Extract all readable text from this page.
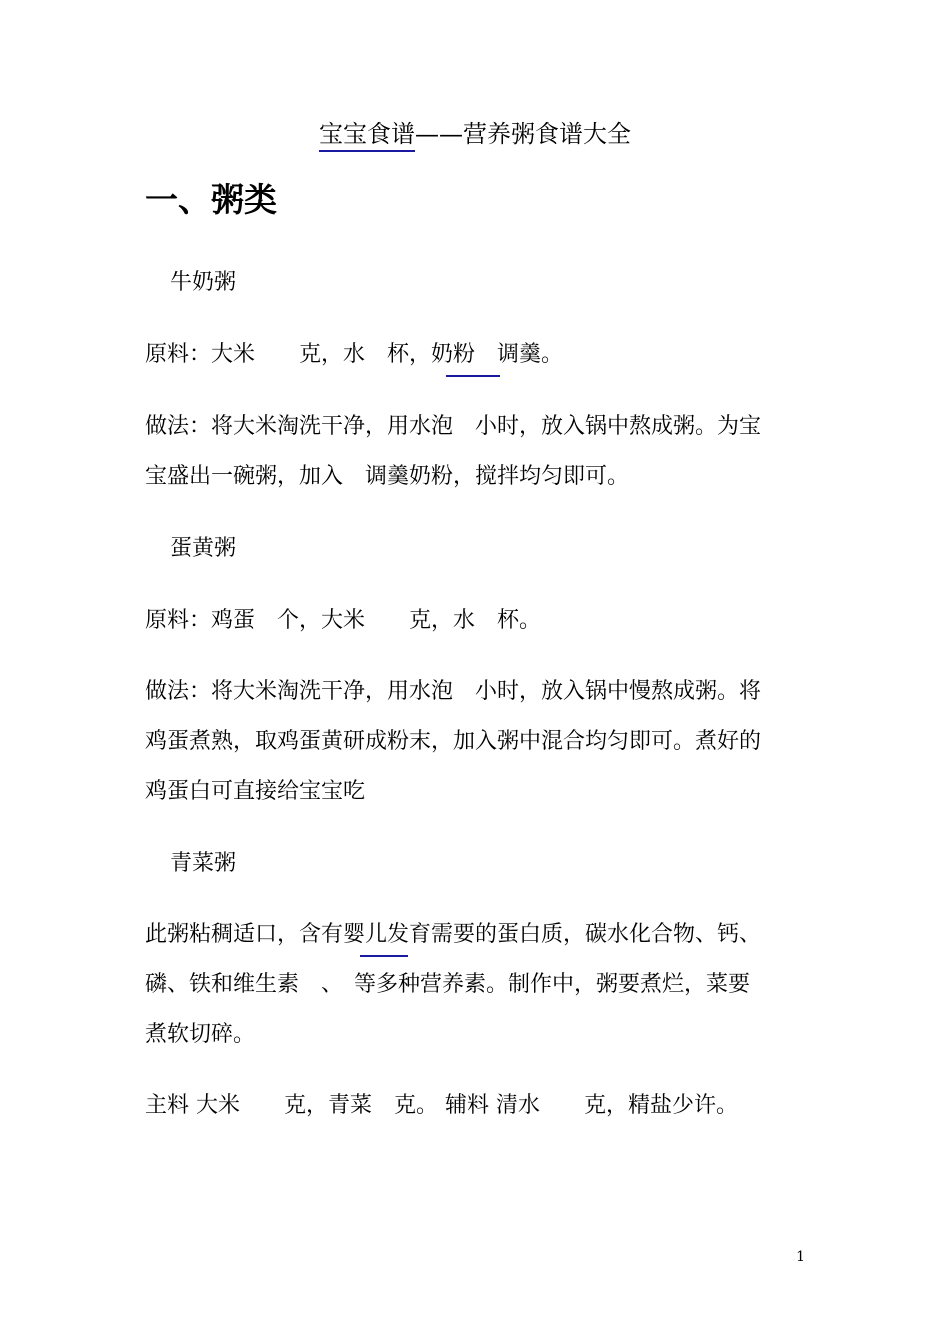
宝宝食谱——营养粥食谱大全
一、粥类
牛奶粥
原料：大米　　克，水　杯，奶粉　调羹。
做法：将大米淘洗干净，用水泡　小时，放入锅中熬成粥。为宝
宝盛出一碗粥，加入　调羹奶粉，搅拌均匀即可。
蛋黄粥
原料：鸡蛋　个，大米　　克，水　杯。
做法：将大米淘洗干净，用水泡　小时，放入锅中慢熬成粥。将
鸡蛋煮熟，取鸡蛋黄研成粉末，加入粥中混合均匀即可。煮好的
鸡蛋白可直接给宝宝吃
青菜粥
此粥粘稠适口，含有婴儿发育需要的蛋白质，碳水化合物、钙、
磷、铁和维生素　、　等多种营养素。制作中，粥要煮烂，菜要
煮软切碎。
主料 大米　　克，青菜　克。 辅料 清水　　克，精盐少许。
1
